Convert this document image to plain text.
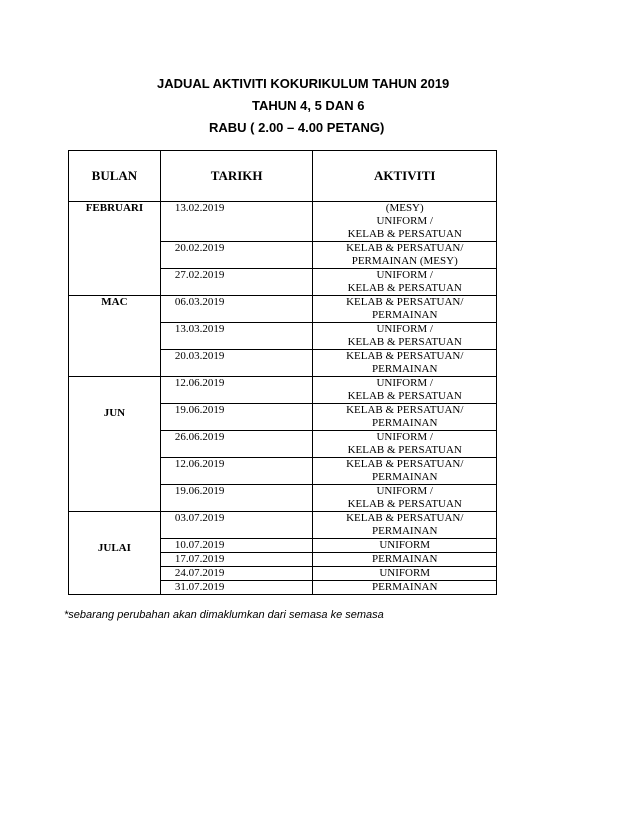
JADUAL AKTIVITI KOKURIKULUM TAHUN 2019
TAHUN 4, 5 DAN 6
RABU ( 2.00 – 4.00 PETANG)
BULAN	TARIKH	AKTIVITI
FEBRUARI	13.02.2019	(MESY)
UNIFORM /
KELAB & PERSATUAN

	20.02.2019	KELAB & PERSATUAN/
PERMAINAN (MESY)

	27.02.2019	UNIFORM /
KELAB & PERSATUAN

MAC	06.03.2019	KELAB & PERSATUAN/
PERMAINAN

	13.03.2019	UNIFORM /
KELAB & PERSATUAN

	20.03.2019	KELAB & PERSATUAN/
PERMAINAN

JUN	12.06.2019	UNIFORM /
KELAB & PERSATUAN

	19.06.2019	KELAB & PERSATUAN/
PERMAINAN

	26.06.2019	UNIFORM /
KELAB & PERSATUAN

	12.06.2019	KELAB & PERSATUAN/
PERMAINAN

	19.06.2019	UNIFORM /
KELAB & PERSATUAN

JULAI	03.07.2019	KELAB & PERSATUAN/
PERMAINAN

	10.07.2019	UNIFORM
	17.07.2019	PERMAINAN
	24.07.2019	UNIFORM
	31.07.2019	PERMAINAN
*sebarang perubahan akan dimaklumkan dari semasa ke semasa
